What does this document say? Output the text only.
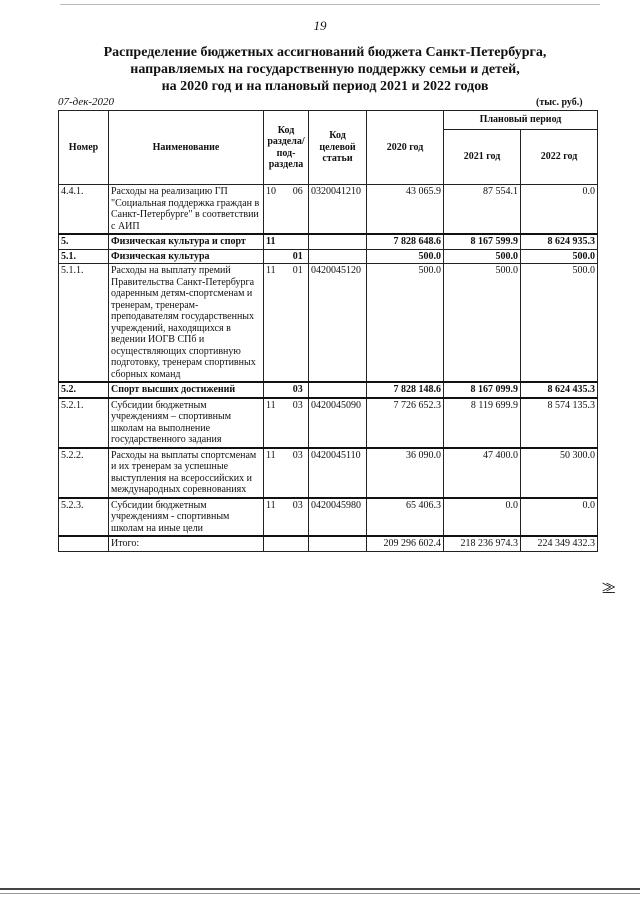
19
Распределение бюджетных ассигнований бюджета Санкт-Петербурга,
направляемых на государственную поддержку семьи и детей,
на 2020 год и на плановый период 2021 и 2022 годов
07-дек-2020	(тыс. руб.)
Номер	Наименование	Код раздела/ под- раздела		Код целевой статьи	2020 год	Плановый период	
						2021 год	2022 год
4.4.1.	Расходы на реализацию ГП "Социальная поддержка граждан в Санкт-Петербурге" в соответствии с АИП	10	06	0320041210	43 065.9	87 554.1	0.0
5.	Физическая культура и спорт	11			7 828 648.6	8 167 599.9	8 624 935.3
5.1.	Физическая культура		01		500.0	500.0	500.0
5.1.1.	Расходы на выплату премий Правительства Санкт-Петербурга одаренным детям-спортсменам и тренерам, тренерам-преподавателям государственных учреждений, находящихся в ведении ИОГВ СПб и осуществляющих спортивную подготовку, тренерам спортивных сборных команд	11	01	0420045120	500.0	500.0	500.0
5.2.	Спорт высших достижений		03		7 828 148.6	8 167 099.9	8 624 435.3
5.2.1.	Субсидии бюджетным учреждениям – спортивным школам на выполнение государственного задания	11	03	0420045090	7 726 652.3	8 119 699.9	8 574 135.3
5.2.2.	Расходы на выплаты спортсменам и их тренерам за успешные выступления на всероссийских и международных соревнованиях	11	03	0420045110	36 090.0	47 400.0	50 300.0
5.2.3.	Субсидии бюджетным учреждениям - спортивным школам на иные цели	11	03	0420045980	65 406.3	0.0	0.0
	Итого:				209 296 602.4	218 236 974.3	224 349 432.3
≥≥
